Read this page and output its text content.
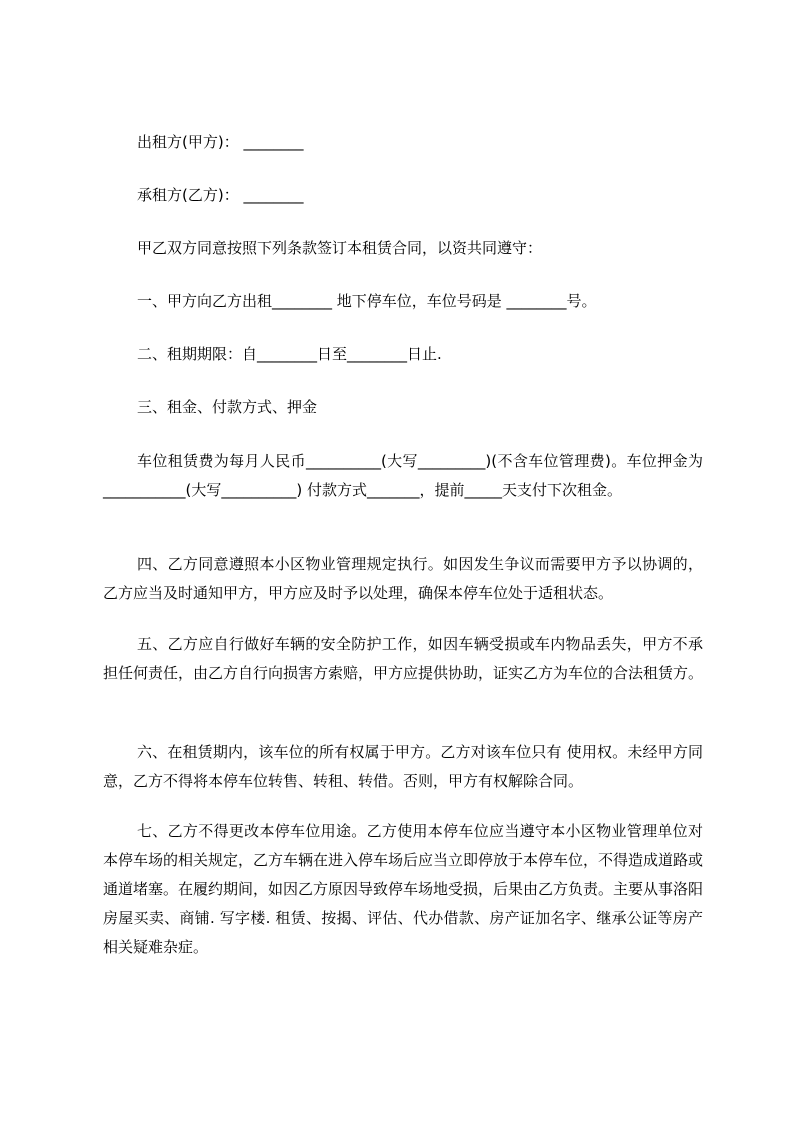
出租方(甲方)： ________
承租方(乙方)： ________
甲乙双方同意按照下列条款签订本租赁合同，以资共同遵守：
一、甲方向乙方出租________ 地下停车位，车位号码是 ________号。
二、租期期限：自________日至________日止.
三、租金、付款方式、押金
车位租赁费为每月人民币__________(大写_________)(不含车位管理费)。车位押金为___________(大写__________) 付款方式_______，提前_____天支付下次租金。
四、乙方同意遵照本小区物业管理规定执行。如因发生争议而需要甲方予以协调的，乙方应当及时通知甲方，甲方应及时予以处理，确保本停车位处于适租状态。
五、乙方应自行做好车辆的安全防护工作，如因车辆受损或车内物品丢失，甲方不承担任何责任，由乙方自行向损害方索赔，甲方应提供协助，证实乙方为车位的合法租赁方。
六、在租赁期内，该车位的所有权属于甲方。乙方对该车位只有 使用权。未经甲方同意，乙方不得将本停车位转售、转租、转借。否则，甲方有权解除合同。
七、乙方不得更改本停车位用途。乙方使用本停车位应当遵守本小区物业管理单位对本停车场的相关规定，乙方车辆在进入停车场后应当立即停放于本停车位，不得造成道路或通道堵塞。在履约期间，如因乙方原因导致停车场地受损，后果由乙方负责。主要从事洛阳房屋买卖、商铺. 写字楼. 租赁、按揭、评估、代办借款、房产证加名字、继承公证等房产相关疑难杂症。
